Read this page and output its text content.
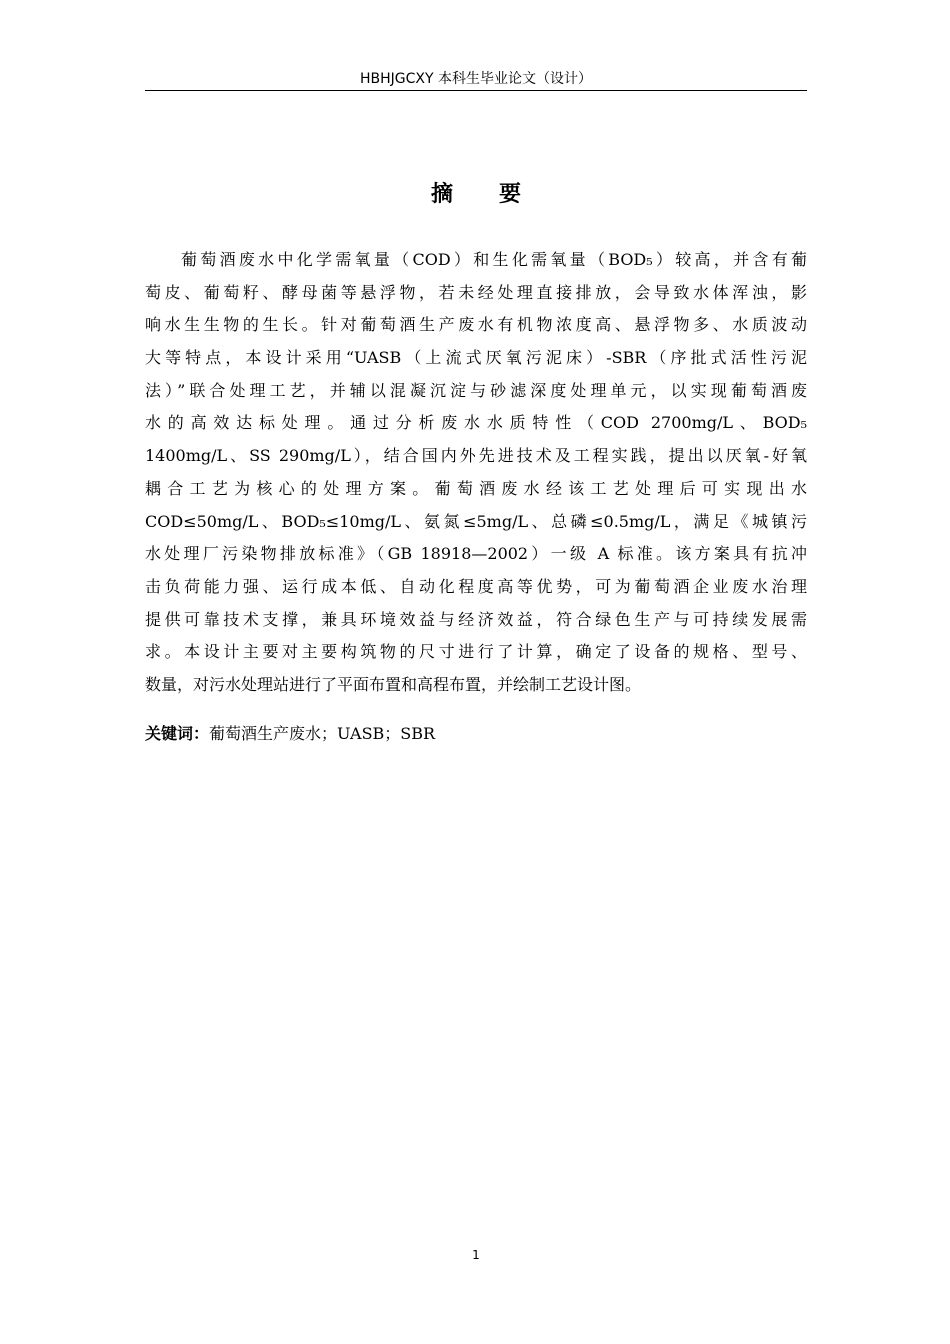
HBHJGCXY 本科生毕业论文（设计）
摘 要
葡萄酒废水中化学需氧量（COD）和生化需氧量（BOD₅）较高，并含有葡
萄皮、葡萄籽、酵母菌等悬浮物，若未经处理直接排放，会导致水体浑浊，影
响水生生物的生长。针对葡萄酒生产废水有机物浓度高、悬浮物多、水质波动
大等特点，本设计采用“UASB（上流式厌氧污泥床）-SBR（序批式活性污泥
法）”联合处理工艺，并辅以混凝沉淀与砂滤深度处理单元，以实现葡萄酒废
水的高效达标处理。通过分析废水水质特性（COD 2700mg/L、BOD₅
1400mg/L、SS 290mg/L），结合国内外先进技术及工程实践，提出以厌氧-好氧
耦合工艺为核心的处理方案。葡萄酒废水经该工艺处理后可实现出水
COD≤50mg/L、BOD₅≤10mg/L、氨氮≤5mg/L、总磷≤0.5mg/L，满足《城镇污
水处理厂污染物排放标准》（GB 18918—2002）一级 A 标准。该方案具有抗冲
击负荷能力强、运行成本低、自动化程度高等优势，可为葡萄酒企业废水治理
提供可靠技术支撑，兼具环境效益与经济效益，符合绿色生产与可持续发展需
求。本设计主要对主要构筑物的尺寸进行了计算，确定了设备的规格、型号、
数量，对污水处理站进行了平面布置和高程布置，并绘制工艺设计图。
关键词：葡萄酒生产废水；UASB；SBR
1
